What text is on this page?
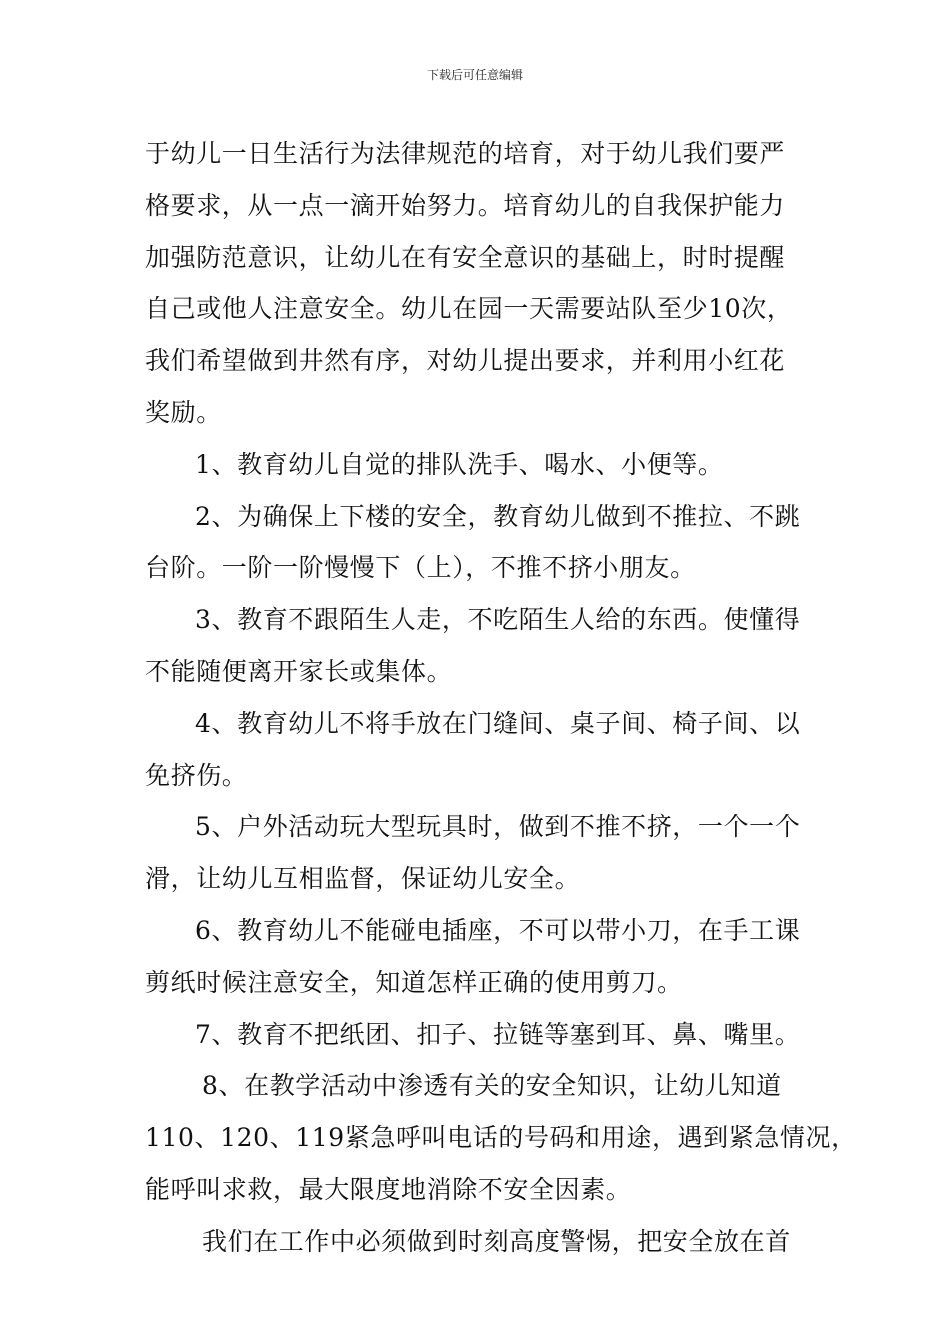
下载后可任意编辑
于幼儿一日生活行为法律规范的培育，对于幼儿我们要严
格要求，从一点一滴开始努力。培育幼儿的自我保护能力
加强防范意识，让幼儿在有安全意识的基础上，时时提醒
自己或他人注意安全。幼儿在园一天需要站队至少10次，
我们希望做到井然有序，对幼儿提出要求，并利用小红花
奖励。
1、教育幼儿自觉的排队洗手、喝水、小便等。
2、为确保上下楼的安全，教育幼儿做到不推拉、不跳
台阶。一阶一阶慢慢下（上），不推不挤小朋友。
3、教育不跟陌生人走，不吃陌生人给的东西。使懂得
不能随便离开家长或集体。
4、教育幼儿不将手放在门缝间、桌子间、椅子间、以
免挤伤。
5、户外活动玩大型玩具时，做到不推不挤，一个一个
滑，让幼儿互相监督，保证幼儿安全。
6、教育幼儿不能碰电插座，不可以带小刀，在手工课
剪纸时候注意安全，知道怎样正确的使用剪刀。
7、教育不把纸团、扣子、拉链等塞到耳、鼻、嘴里。
8、在教学活动中渗透有关的安全知识，让幼儿知道
110、120、119紧急呼叫电话的号码和用途，遇到紧急情况，
能呼叫求救，最大限度地消除不安全因素。
我们在工作中必须做到时刻高度警惕，把安全放在首
